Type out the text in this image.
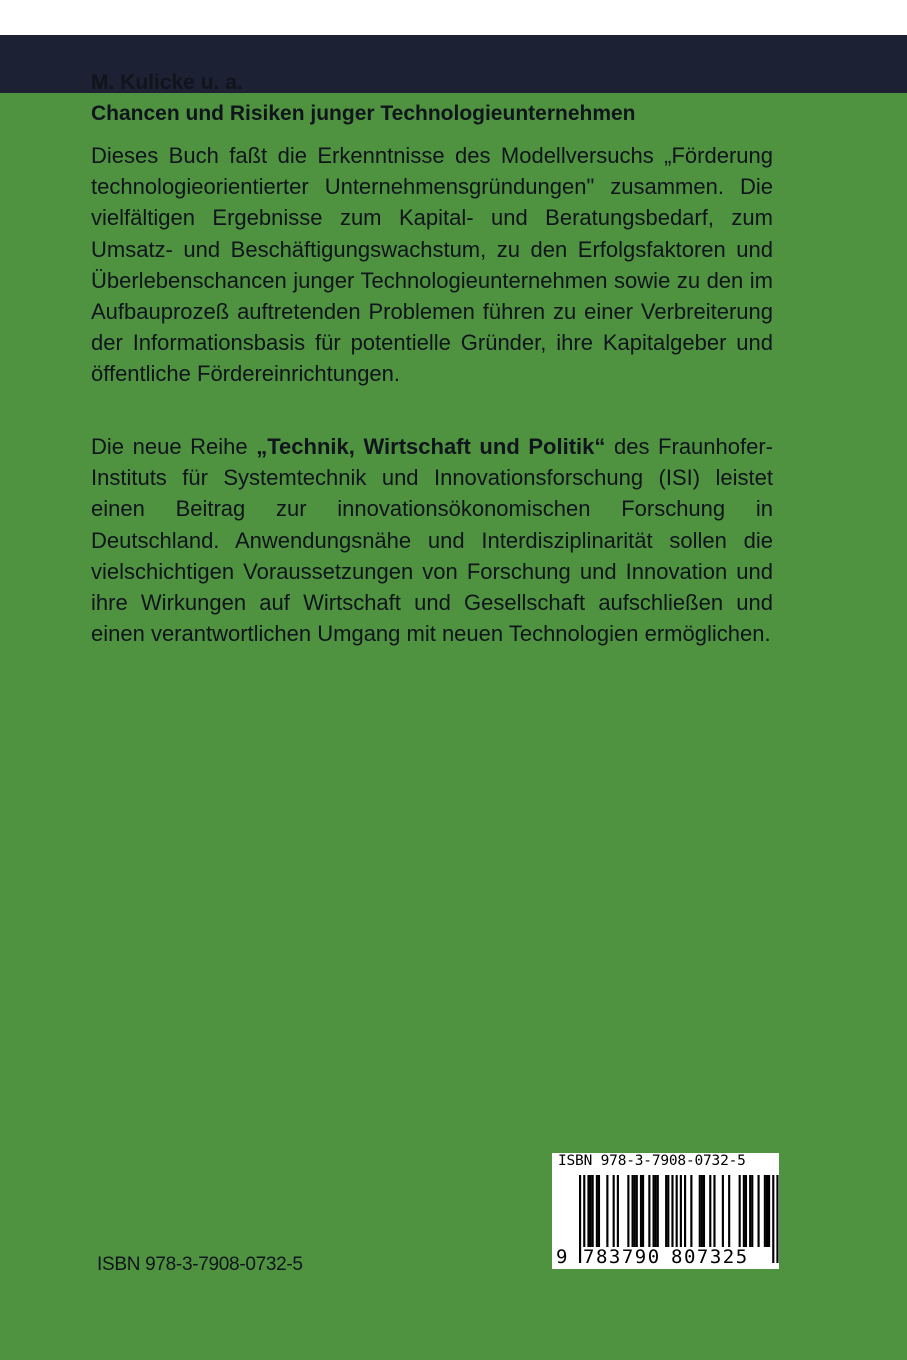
M. Kulicke u. a.
Chancen und Risiken junger Technologieunternehmen
Dieses Buch faßt die Erkenntnisse des Modellversuchs „Förderung technologieorientierter Unternehmensgründungen" zusammen. Die vielfältigen Ergebnisse zum Kapital- und Beratungsbedarf, zum Umsatz- und Beschäftigungswachstum, zu den Erfolgsfaktoren und Überlebenschancen junger Technologieunternehmen sowie zu den im Aufbauprozeß auftretenden Problemen führen zu einer Verbreiterung der Informationsbasis für potentielle Gründer, ihre Kapitalgeber und öffentliche Fördereinrichtungen.
Die neue Reihe „Technik, Wirtschaft und Politik“ des Fraunhofer-Instituts für Systemtechnik und Innovationsforschung (ISI) leistet einen Beitrag zur innovationsökonomischen Forschung in Deutschland. Anwendungsnähe und Interdisziplinarität sollen die vielschichtigen Voraussetzungen von Forschung und Innovation und ihre Wirkungen auf Wirtschaft und Gesellschaft aufschließen und einen verantwortlichen Umgang mit neuen Technologien ermöglichen.
ISBN 978-3-7908-0732-5
9 783790 807325
ISBN 978-3-7908-0732-5
